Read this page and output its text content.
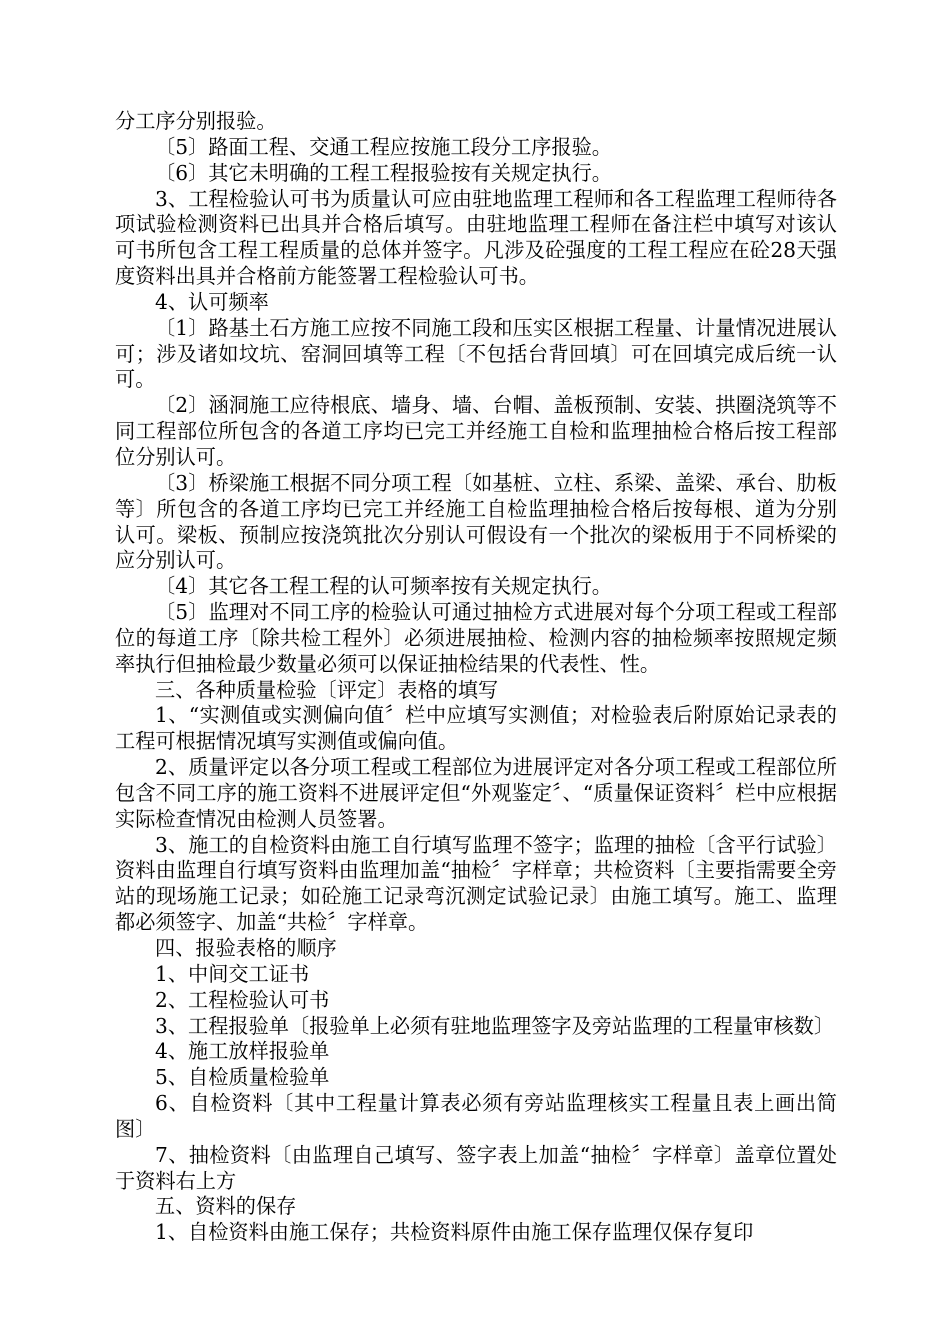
分工序分别报验。

〔5〕路面工程、交通工程应按施工段分工序报验。

〔6〕其它未明确的工程工程报验按有关规定执行。

3、工程检验认可书为质量认可应由驻地监理工程师和各工程监理工程师待各项试验检测资料已出具并合格后填写。由驻地监理工程师在备注栏中填写对该认可书所包含工程工程质量的总体并签字。凡涉及砼强度的工程工程应在砼28天强度资料出具并合格前方能签署工程检验认可书。

4、认可频率

〔1〕路基土石方施工应按不同施工段和压实区根据工程量、计量情况进展认可；涉及诸如坟坑、窑洞回填等工程〔不包括台背回填〕可在回填完成后统一认可。

〔2〕涵洞施工应待根底、墙身、墙、台帽、盖板预制、安装、拱圈浇筑等不同工程部位所包含的各道工序均已完工并经施工自检和监理抽检合格后按工程部位分别认可。

〔3〕桥梁施工根据不同分项工程〔如基桩、立柱、系梁、盖梁、承台、肋板等〕所包含的各道工序均已完工并经施工自检监理抽检合格后按每根、道为分别认可。梁板、预制应按浇筑批次分别认可假设有一个批次的梁板用于不同桥梁的应分别认可。

〔4〕其它各工程工程的认可频率按有关规定执行。

〔5〕监理对不同工序的检验认可通过抽检方式进展对每个分项工程或工程部位的每道工序〔除共检工程外〕必须进展抽检、检测内容的抽检频率按照规定频率执行但抽检最少数量必须可以保证抽检结果的代表性、性。

三、各种质量检验〔评定〕表格的填写

1、“实测值或实测偏向值〞栏中应填写实测值；对检验表后附原始记录表的工程可根据情况填写实测值或偏向值。

2、质量评定以各分项工程或工程部位为进展评定对各分项工程或工程部位所包含不同工序的施工资料不进展评定但“外观鉴定〞、“质量保证资料〞栏中应根据实际检查情况由检测人员签署。

3、施工的自检资料由施工自行填写监理不签字；监理的抽检〔含平行试验〕资料由监理自行填写资料由监理加盖“抽检〞字样章；共检资料〔主要指需要全旁站的现场施工记录；如砼施工记录弯沉测定试验记录〕由施工填写。施工、监理都必须签字、加盖“共检〞字样章。

四、报验表格的顺序

1、中间交工证书

2、工程检验认可书

3、工程报验单〔报验单上必须有驻地监理签字及旁站监理的工程量审核数〕

4、施工放样报验单

5、自检质量检验单

6、自检资料〔其中工程量计算表必须有旁站监理核实工程量且表上画出简图〕

7、抽检资料〔由监理自己填写、签字表上加盖“抽检〞字样章〕盖章位置处于资料右上方

五、资料的保存

1、自检资料由施工保存；共检资料原件由施工保存监理仅保存复印
